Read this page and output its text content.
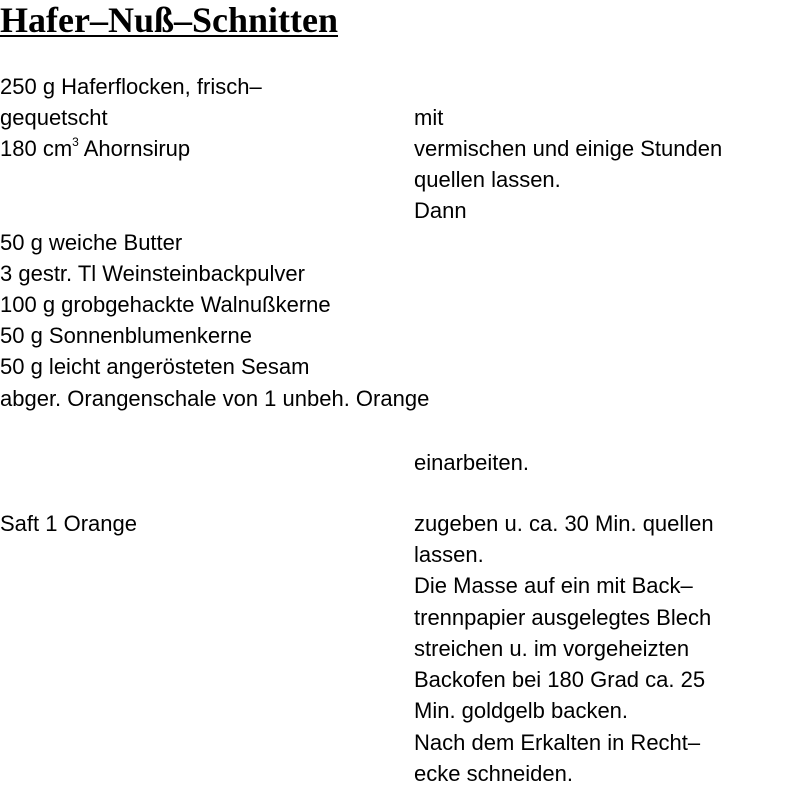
Hafer–Nuß–Schnitten

250 g Haferflocken, frisch–

gequetscht

180 $cm^3$ Ahornsirup

50 g weiche Butter

3 gestr. Tl Weinsteinbackpulver

100 g grobgehackte Walnußkerne

50 g Sonnenblumenkerne

50 g leicht angerösteten Sesam

abger. Orangenschale von 1 unbeh. Orange

Saft 1 Orange

mit

vermischen und einige Stunden

quellen lassen.

Dann

einarbeiten.

zugeben u. ca. 30 Min. quellen

lassen.

Die Masse auf ein mit Back–

trennpapier ausgelegtes Blech

streichen u. im vorgeheizten

Backofen bei 180 Grad ca. 25

Min. goldgelb backen.

Nach dem Erkalten in Recht–

ecke schneiden.
